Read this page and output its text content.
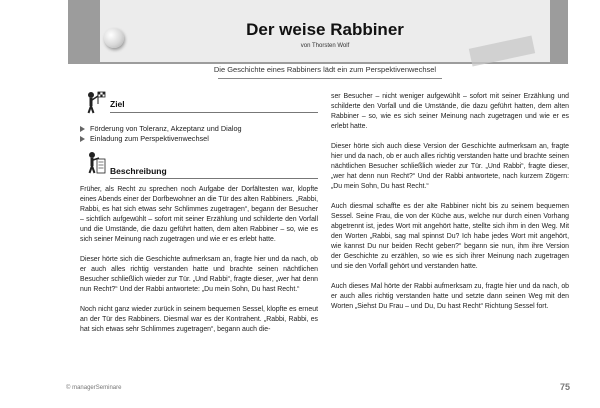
Der weise Rabbiner
von Thorsten Wolf
Die Geschichte eines Rabbiners lädt ein zum Perspektivenwechsel
Ziel
Förderung von Toleranz, Akzeptanz und Dialog
Einladung zum Perspektivenwechsel
Beschreibung

Früher, als Recht zu sprechen noch Aufgabe der Dorfältesten war, klopfte eines Abends einer der Dorfbewohner an die Tür des alten Rabbiners. „Rabbi, Rabbi, es hat sich etwas sehr Schlimmes zugetragen“, begann der Besucher – sichtlich aufgewühlt – sofort mit seiner Erzählung und schilderte den Vorfall und die Umstände, die dazu geführt hatten, dem alten Rabbiner – so, wie es sich seiner Meinung nach zugetragen und wie er es erlebt hatte.

Dieser hörte sich die Geschichte aufmerksam an, fragte hier und da nach, ob er auch alles richtig verstanden hatte und brachte seinen nächtlichen Besucher schließlich wieder zur Tür. „Und Rabbi“, fragte dieser, „wer hat denn nun Recht?“ Und der Rabbi antwortete: „Du mein Sohn, Du hast Recht.“

Noch nicht ganz wieder zurück in seinem bequemen Sessel, klopfte es erneut an der Tür des Rabbiners. Diesmal war es der Kontrahent. „Rabbi, Rabbi, es hat sich etwas sehr Schlimmes zugetragen“, begann auch die-

ser Besucher – nicht weniger aufgewühlt – sofort mit seiner Erzählung und schilderte den Vorfall und die Umstände, die dazu geführt hatten, dem alten Rabbiner – so, wie es sich seiner Meinung nach zugetragen und wie er es erlebt hatte.

Dieser hörte sich auch diese Version der Geschichte aufmerksam an, fragte hier und da nach, ob er auch alles richtig verstanden hatte und brachte seinen nächtlichen Besucher schließlich wieder zur Tür. „Und Rabbi“, fragte dieser, „wer hat denn nun Recht?“ Und der Rabbi antwortete, nach kurzem Zögern: „Du mein Sohn, Du hast Recht.“

Auch diesmal schaffte es der alte Rabbiner nicht bis zu seinem bequemen Sessel. Seine Frau, die von der Küche aus, welche nur durch einen Vorhang abgetrennt ist, jedes Wort mit angehört hatte, stellte sich ihm in den Weg. Mit den Worten „Rabbi, sag mal spinnst Du? Ich habe jedes Wort mit angehört, wie kannst Du nur beiden Recht geben?“ begann sie nun, ihm ihre Version der Geschichte zu erzählen, so wie es sich ihrer Meinung nach zugetragen und sie den Vorfall gehört und verstanden hatte.

Auch dieses Mal hörte der Rabbi aufmerksam zu, fragte hier und da nach, ob er auch alles richtig verstanden hatte und setzte dann seinen Weg mit den Worten „Siehst Du Frau – und Du, Du hast Recht“ Richtung Sessel fort.

© managerSeminare	75
